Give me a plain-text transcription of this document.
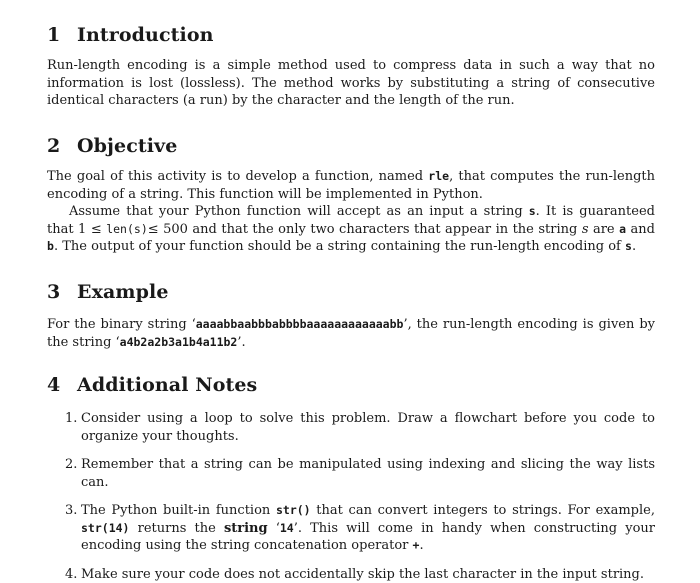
1 Introduction

Run-length encoding is a simple method used to compress data in such a way that no information is lost (lossless). The method works by substituting a string of consecutive identical characters (a run) by the character and the length of the run.

2 Objective

The goal of this activity is to develop a function, named rle, that computes the run-length encoding of a string. This function will be implemented in Python.

Assume that your Python function will accept as an input a string s. It is guaranteed that 1 ≤ len(s)≤ 500 and that the only two characters that appear in the string s are a and b. The output of your function should be a string containing the run-length encoding of s.

3 Example

For the binary string ‘aaaabbaabbbabbbbaaaaaaaaaaaabb’, the run-length encoding is given by the string ‘a4b2a2b3a1b4a11b2’.

4 Additional Notes
1. Consider using a loop to solve this problem. Draw a flowchart before you code to organize your thoughts.
2. Remember that a string can be manipulated using indexing and slicing the way lists can.
3. The Python built-in function str() that can convert integers to strings. For example, str(14) returns the string ‘14’. This will come in handy when constructing your encoding using the string concatenation operator +.
4. Make sure your code does not accidentally skip the last character in the input string.
